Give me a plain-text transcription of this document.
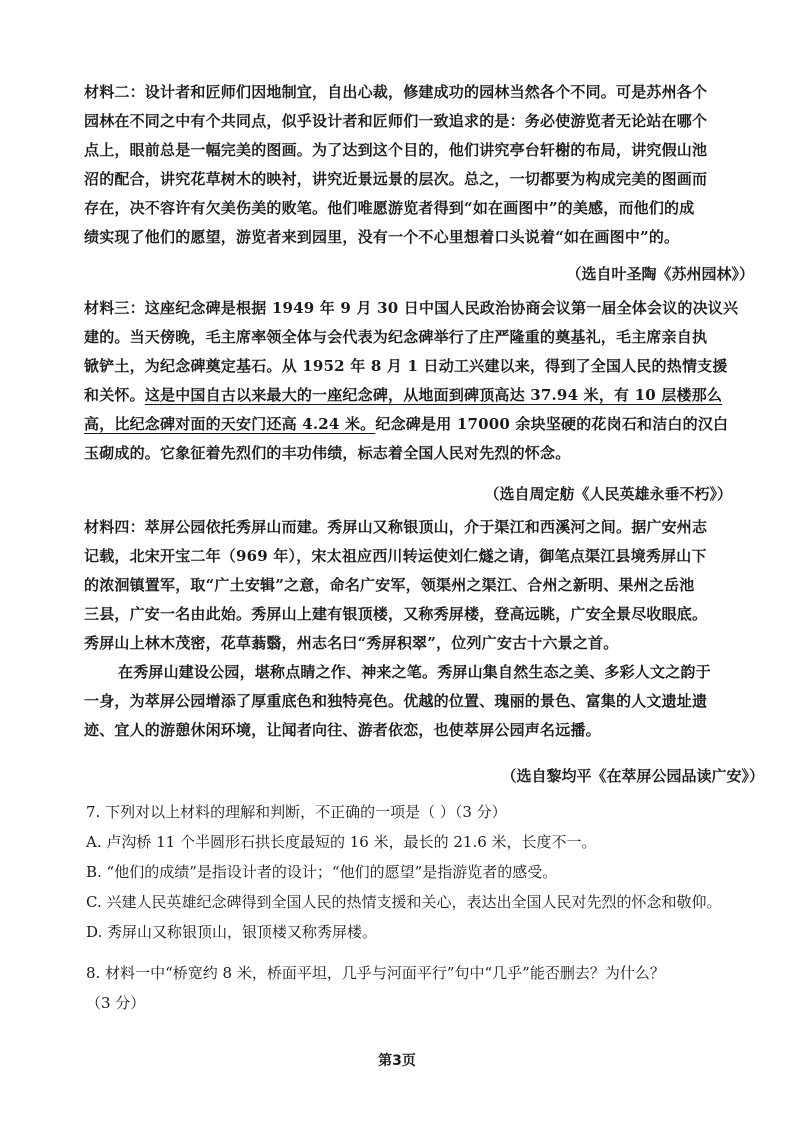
材料二：设计者和匠师们因地制宜，自出心裁，修建成功的园林当然各个不同。可是苏州各个
园林在不同之中有个共同点，似乎设计者和匠师们一致追求的是：务必使游览者无论站在哪个
点上，眼前总是一幅完美的图画。为了达到这个目的，他们讲究亭台轩榭的布局，讲究假山池
沼的配合，讲究花草树木的映衬，讲究近景远景的层次。总之，一切都要为构成完美的图画而
存在，决不容许有欠美伤美的败笔。他们唯愿游览者得到“如在画图中”的美感，而他们的成
绩实现了他们的愿望，游览者来到园里，没有一个不心里想着口头说着“如在画图中”的。
（选自叶圣陶《苏州园林》）
材料三：这座纪念碑是根据 1949 年 9 月 30 日中国人民政治协商会议第一届全体会议的决议兴
建的。当天傍晚，毛主席率领全体与会代表为纪念碑举行了庄严隆重的奠基礼，毛主席亲自执
锨铲土，为纪念碑奠定基石。从 1952 年 8 月 1 日动工兴建以来，得到了全国人民的热情支援
和关怀。这是中国自古以来最大的一座纪念碑，从地面到碑顶高达 37.94 米，有 10 层楼那么
高，比纪念碑对面的天安门还高 4.24 米。纪念碑是用 17000 余块坚硬的花岗石和洁白的汉白
玉砌成的。它象征着先烈们的丰功伟绩，标志着全国人民对先烈的怀念。
（选自周定舫《人民英雄永垂不朽》）
材料四：萃屏公园依托秀屏山而建。秀屏山又称银顶山，介于渠江和西溪河之间。据广安州志
记载，北宋开宝二年（969 年），宋太祖应西川转运使刘仁燧之请，御笔点渠江县境秀屏山下
的浓洄镇置军，取“广土安辑”之意，命名广安军，领渠州之渠江、合州之新明、果州之岳池
三县，广安一名由此始。秀屏山上建有银顶楼，又称秀屏楼，登高远眺，广安全景尽收眼底。
秀屏山上林木茂密，花草蓊翳，州志名曰“秀屏积翠”，位列广安古十六景之首。
在秀屏山建设公园，堪称点睛之作、神来之笔。秀屏山集自然生态之美、多彩人文之韵于
一身，为萃屏公园增添了厚重底色和独特亮色。优越的位置、瑰丽的景色、富集的人文遗址遗
迹、宜人的游憩休闲环境，让闻者向往、游者依恋，也使萃屏公园声名远播。
（选自黎均平《在萃屏公园品读广安》）
7. 下列对以上材料的理解和判断，不正确的一项是（ ）（3 分）
A. 卢沟桥 11 个半圆形石拱长度最短的 16 米，最长的 21.6 米，长度不一。
B. “他们的成绩”是指设计者的设计；“他们的愿望”是指游览者的感受。
C. 兴建人民英雄纪念碑得到全国人民的热情支援和关心，表达出全国人民对先烈的怀念和敬仰。
D. 秀屏山又称银顶山，银顶楼又称秀屏楼。
8. 材料一中“桥宽约 8 米，桥面平坦，几乎与河面平行”句中“几乎”能否删去？为什么？
（3 分）
第3页
